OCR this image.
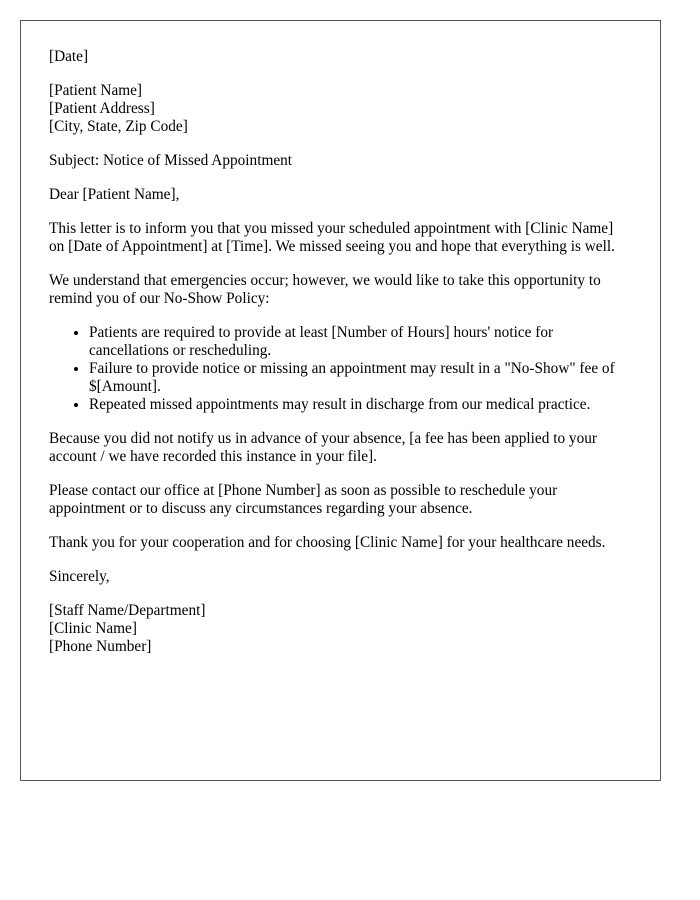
[Date]
[Patient Name]
[Patient Address]
[City, State, Zip Code]
Subject: Notice of Missed Appointment
Dear [Patient Name],
This letter is to inform you that you missed your scheduled appointment with [Clinic Name] on [Date of Appointment] at [Time]. We missed seeing you and hope that everything is well.
We understand that emergencies occur; however, we would like to take this opportunity to remind you of our No-Show Policy:
• Patients are required to provide at least [Number of Hours] hours' notice for cancellations or rescheduling.
• Failure to provide notice or missing an appointment may result in a "No-Show" fee of $[Amount].
• Repeated missed appointments may result in discharge from our medical practice.
Because you did not notify us in advance of your absence, [a fee has been applied to your account / we have recorded this instance in your file].
Please contact our office at [Phone Number] as soon as possible to reschedule your appointment or to discuss any circumstances regarding your absence.
Thank you for your cooperation and for choosing [Clinic Name] for your healthcare needs.
Sincerely,
[Staff Name/Department]
[Clinic Name]
[Phone Number]
